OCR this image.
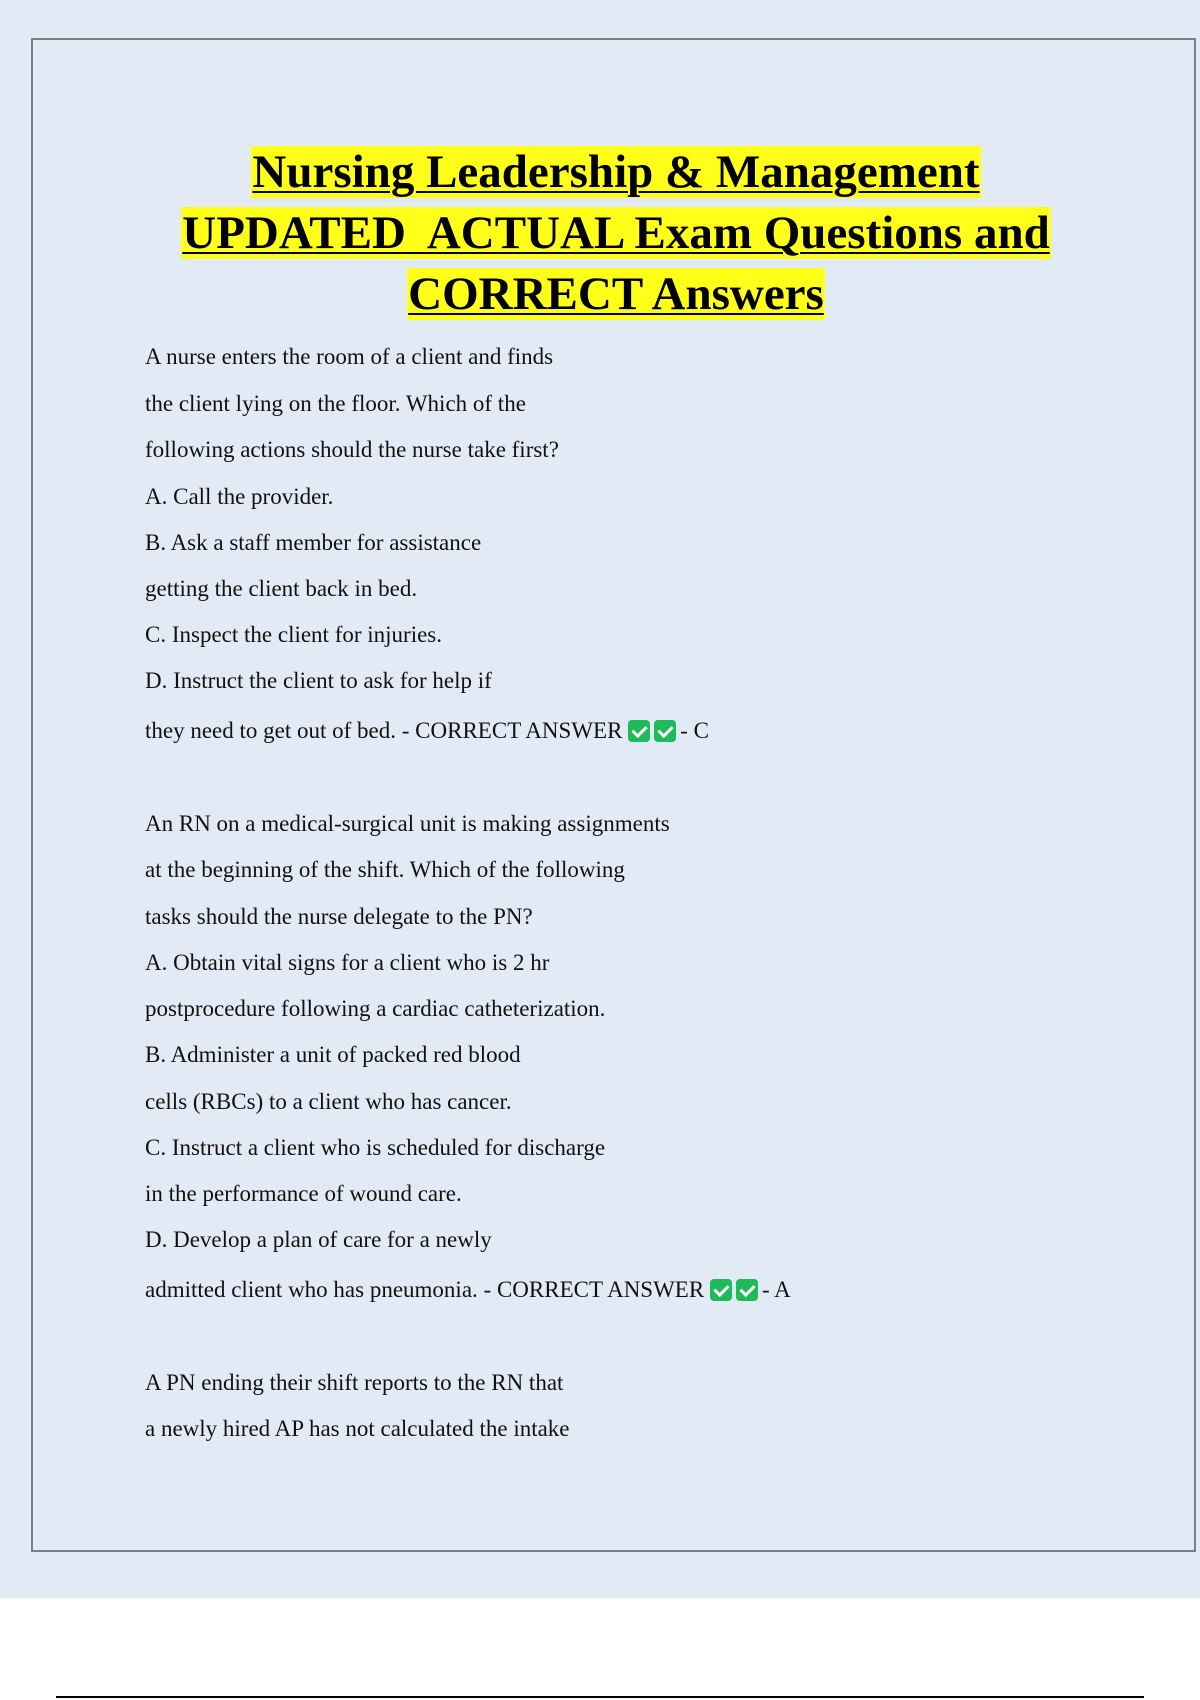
Nursing Leadership & Management
UPDATED  ACTUAL Exam Questions and
CORRECT Answers
A nurse enters the room of a client and finds
the client lying on the floor. Which of the
following actions should the nurse take first?
A. Call the provider.
B. Ask a staff member for assistance
getting the client back in bed.
C. Inspect the client for injuries.
D. Instruct the client to ask for help if
they need to get out of bed. - CORRECT ANSWER	- C
An RN on a medical-surgical unit is making assignments
at the beginning of the shift. Which of the following
tasks should the nurse delegate to the PN?
A. Obtain vital signs for a client who is 2 hr
postprocedure following a cardiac catheterization.
B. Administer a unit of packed red blood
cells (RBCs) to a client who has cancer.
C. Instruct a client who is scheduled for discharge
in the performance of wound care.
D. Develop a plan of care for a newly
admitted client who has pneumonia. - CORRECT ANSWER	- A
A PN ending their shift reports to the RN that
a newly hired AP has not calculated the intake
